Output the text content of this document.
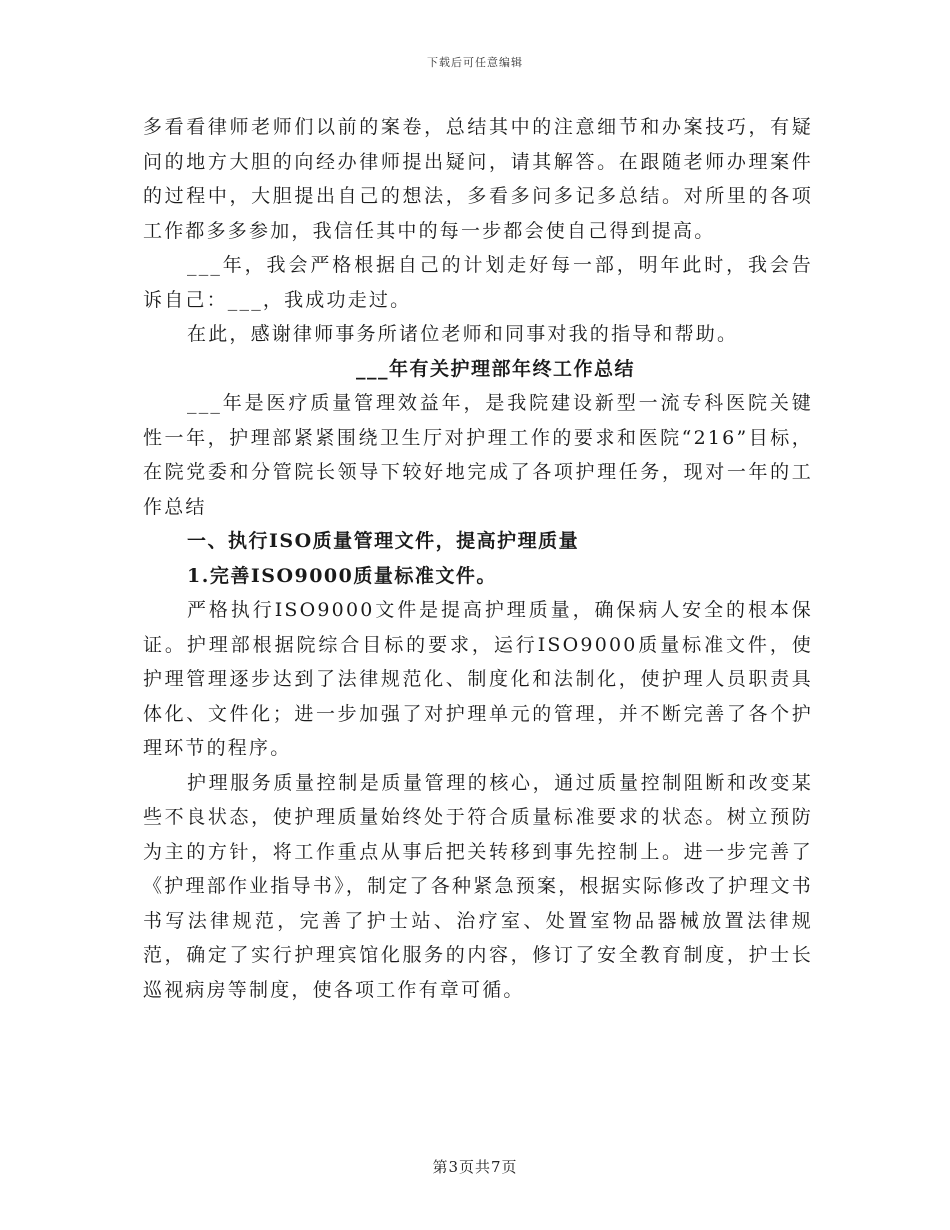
下载后可任意编辑

多看看律师老师们以前的案卷，总结其中的注意细节和办案技巧，有疑问的地方大胆的向经办律师提出疑问，请其解答。在跟随老师办理案件的过程中，大胆提出自己的想法，多看多问多记多总结。对所里的各项工作都多多参加，我信任其中的每一步都会使自己得到提高。

___年，我会严格根据自己的计划走好每一部，明年此时，我会告诉自己：___，我成功走过。

在此，感谢律师事务所诸位老师和同事对我的指导和帮助。

___年有关护理部年终工作总结

___年是医疗质量管理效益年，是我院建设新型一流专科医院关键性一年，护理部紧紧围绕卫生厅对护理工作的要求和医院“216”目标，在院党委和分管院长领导下较好地完成了各项护理任务，现对一年的工作总结

一、执行ISO质量管理文件，提高护理质量

1.完善ISO9000质量标准文件。

严格执行ISO9000文件是提高护理质量，确保病人安全的根本保证。护理部根据院综合目标的要求，运行ISO9000质量标准文件，使护理管理逐步达到了法律规范化、制度化和法制化，使护理人员职责具体化、文件化；进一步加强了对护理单元的管理，并不断完善了各个护理环节的程序。

护理服务质量控制是质量管理的核心，通过质量控制阻断和改变某些不良状态，使护理质量始终处于符合质量标准要求的状态。树立预防为主的方针，将工作重点从事后把关转移到事先控制上。进一步完善了《护理部作业指导书》，制定了各种紧急预案，根据实际修改了护理文书书写法律规范，完善了护士站、治疗室、处置室物品器械放置法律规范，确定了实行护理宾馆化服务的内容，修订了安全教育制度，护士长巡视病房等制度，使各项工作有章可循。

第3页共7页
